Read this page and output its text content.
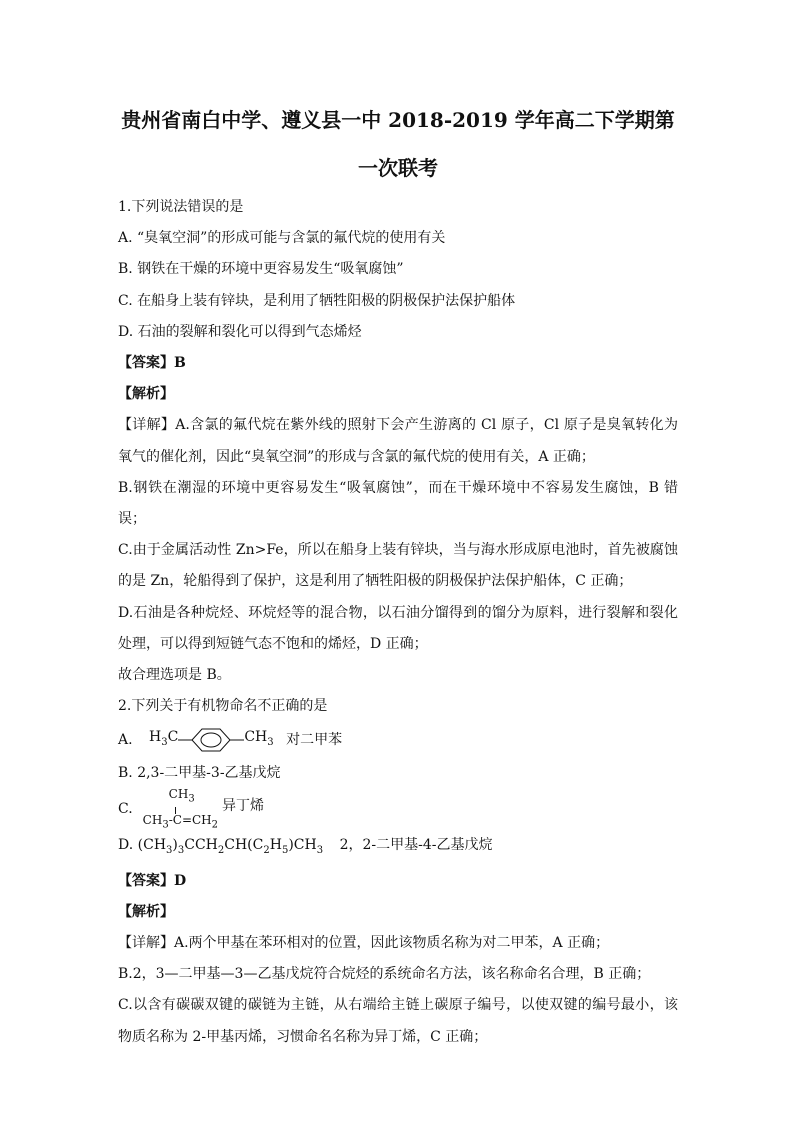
贵州省南白中学、遵义县一中 2018-2019 学年高二下学期第
一次联考

1.下列说法错误的是

A. “臭氧空洞”的形成可能与含氯的氟代烷的使用有关

B. 钢铁在干燥的环境中更容易发生“吸氧腐蚀”

C. 在船身上装有锌块，是利用了牺牲阳极的阴极保护法保护船体

D. 石油的裂解和裂化可以得到气态烯烃

【答案】B

【解析】

【详解】A.含氯的氟代烷在紫外线的照射下会产生游离的 Cl 原子，Cl 原子是臭氧转化为氧气的催化剂，因此“臭氧空洞”的形成与含氯的氟代烷的使用有关，A 正确；

B.钢铁在潮湿的环境中更容易发生“吸氧腐蚀”，而在干燥环境中不容易发生腐蚀，B 错误；

C.由于金属活动性 Zn>Fe，所以在船身上装有锌块，当与海水形成原电池时，首先被腐蚀的是 Zn，轮船得到了保护，这是利用了牺牲阳极的阴极保护法保护船体，C 正确；

D.石油是各种烷烃、环烷烃等的混合物，以石油分馏得到的馏分为原料，进行裂解和裂化处理，可以得到短链气态不饱和的烯烃，D 正确；

故合理选项是 B。

2.下列关于有机物命名不正确的是

A. $H_3C$	$CH_3$ 对二甲苯

B. 2,3-二甲基-3-乙基戊烷

C.
$CH_3$
$CH_3-C=CH_2$
异丁烯

D. $(CH_3)_3CCH_2CH(C_2H_5)CH_3$ 2，2-二甲基-4-乙基戊烷

【答案】D

【解析】

【详解】A.两个甲基在苯环相对的位置，因此该物质名称为对二甲苯，A 正确；

B.2，3—二甲基—3—乙基戊烷符合烷烃的系统命名方法，该名称命名合理，B 正确；

C.以含有碳碳双键的碳链为主链，从右端给主链上碳原子编号，以使双键的编号最小，该物质名称为 2-甲基丙烯，习惯命名名称为异丁烯，C 正确；
